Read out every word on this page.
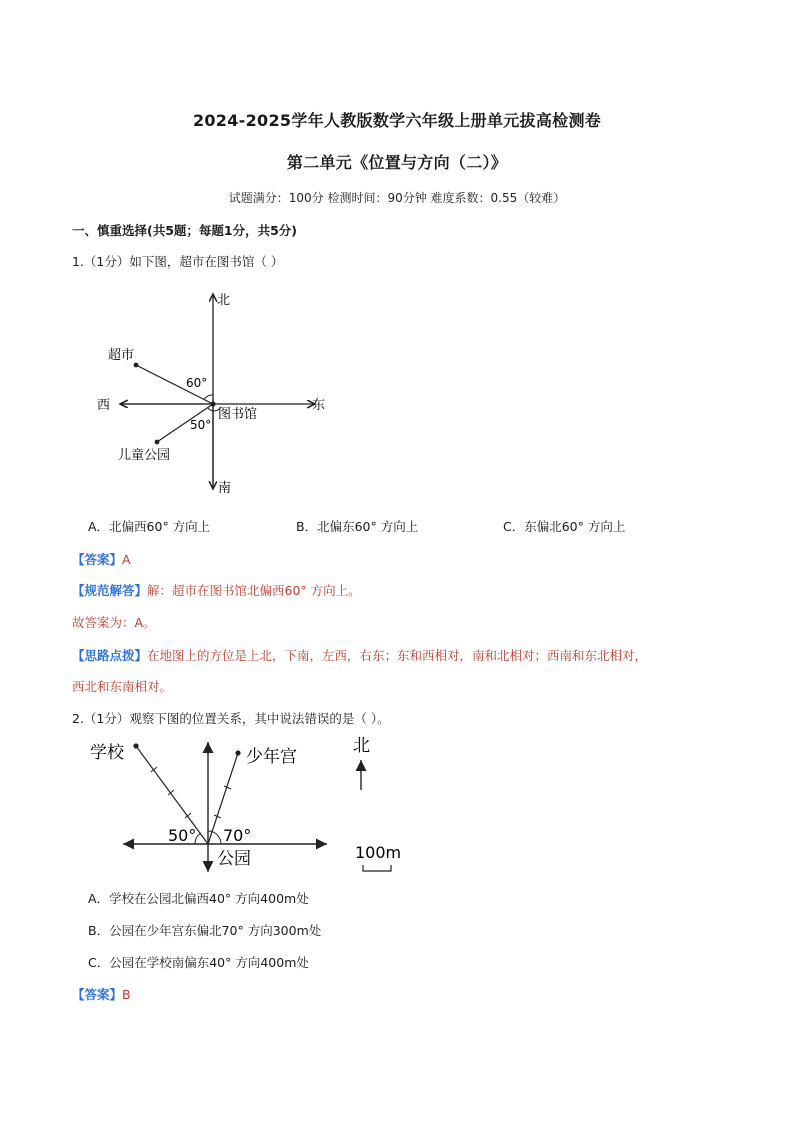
2024-2025学年人教版数学六年级上册单元拔高检测卷
第二单元《位置与方向（二）》
试题满分：100分 检测时间：90分钟 难度系数：0.55（较难）
一、慎重选择(共5题；每题1分，共5分)
1.（1分）如下图，超市在图书馆（ ）
北
南
东
西
超市
图书馆
儿童公园
60°
50°
A．北偏西60° 方向上	B．北偏东60° 方向上	C．东偏北60° 方向上
【答案】A
【规范解答】解：超市在图书馆北偏西60° 方向上。
故答案为：A。
【思路点拨】在地图上的方位是上北，下南，左西，右东；东和西相对，南和北相对；西南和东北相对，
西北和东南相对。
2.（1分）观察下图的位置关系，其中说法错误的是（ ）。
学校	少年宫
50° 70°
公园
北
100m
A．学校在公园北偏西40° 方向400m处
B．公园在少年宫东偏北70° 方向300m处
C．公园在学校南偏东40° 方向400m处
【答案】B
